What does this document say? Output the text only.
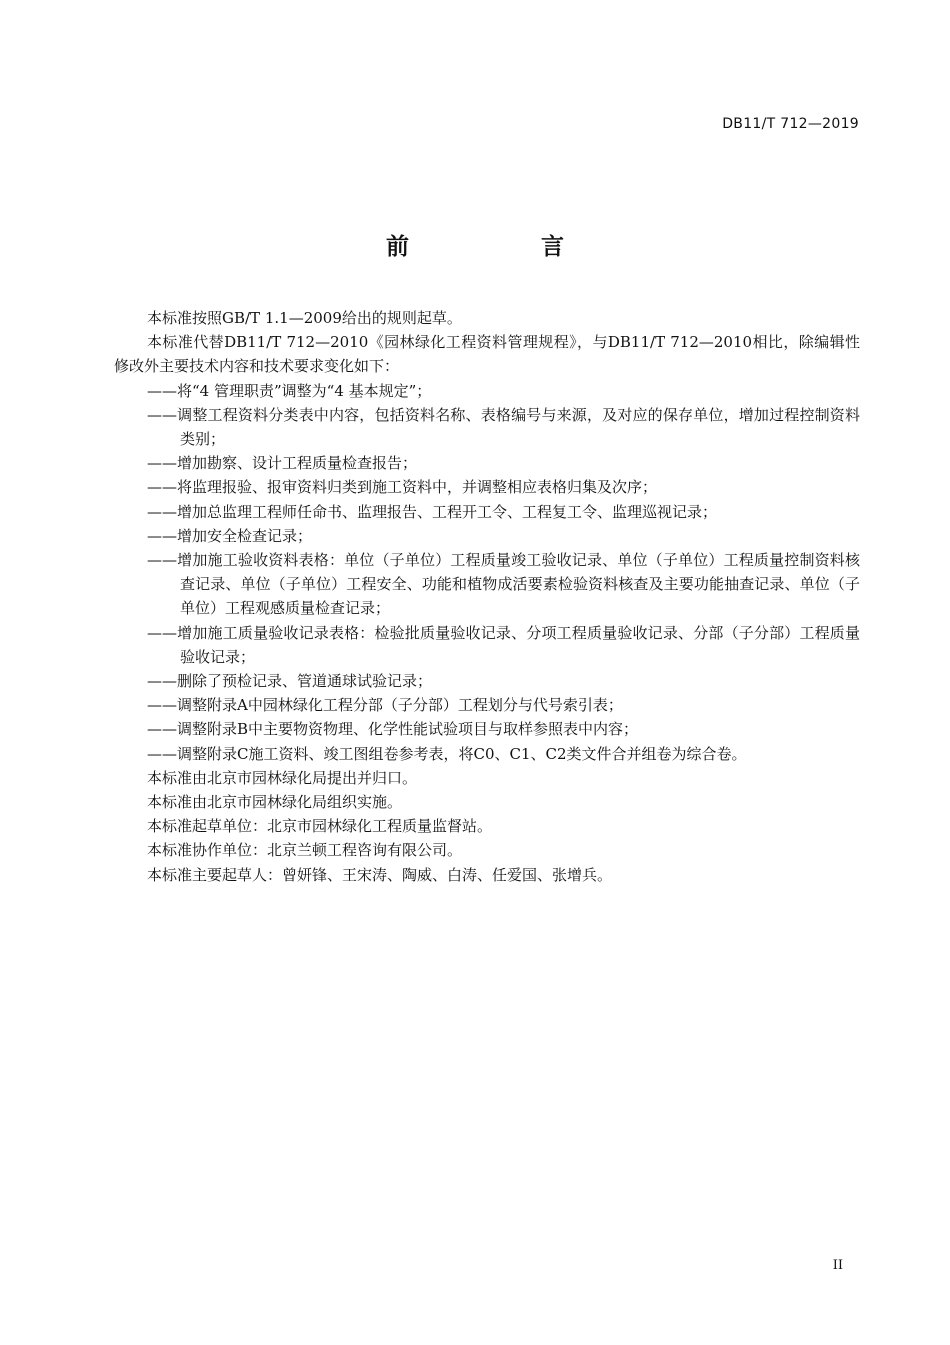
DB11/T 712—2019
前 言

本标准按照GB/T 1.1—2009给出的规则起草。

本标准代替DB11/T 712—2010《园林绿化工程资料管理规程》，与DB11/T 712—2010相比，除编辑性修改外主要技术内容和技术要求变化如下：

——将“4 管理职责”调整为“4 基本规定”；

——调整工程资料分类表中内容，包括资料名称、表格编号与来源，及对应的保存单位，增加过程控制资料类别；

——增加勘察、设计工程质量检查报告；

——将监理报验、报审资料归类到施工资料中，并调整相应表格归集及次序；

——增加总监理工程师任命书、监理报告、工程开工令、工程复工令、监理巡视记录；

——增加安全检查记录；

——增加施工验收资料表格：单位（子单位）工程质量竣工验收记录、单位（子单位）工程质量控制资料核查记录、单位（子单位）工程安全、功能和植物成活要素检验资料核查及主要功能抽查记录、单位（子单位）工程观感质量检查记录；

——增加施工质量验收记录表格：检验批质量验收记录、分项工程质量验收记录、分部（子分部）工程质量验收记录；

——删除了预检记录、管道通球试验记录；

——调整附录A中园林绿化工程分部（子分部）工程划分与代号索引表；

——调整附录B中主要物资物理、化学性能试验项目与取样参照表中内容；

——调整附录C施工资料、竣工图组卷参考表，将C0、C1、C2类文件合并组卷为综合卷。

本标准由北京市园林绿化局提出并归口。

本标准由北京市园林绿化局组织实施。

本标准起草单位：北京市园林绿化工程质量监督站。

本标准协作单位：北京兰顿工程咨询有限公司。

本标准主要起草人：曾妍锋、王宋涛、陶威、白涛、任爱国、张增兵。

II
